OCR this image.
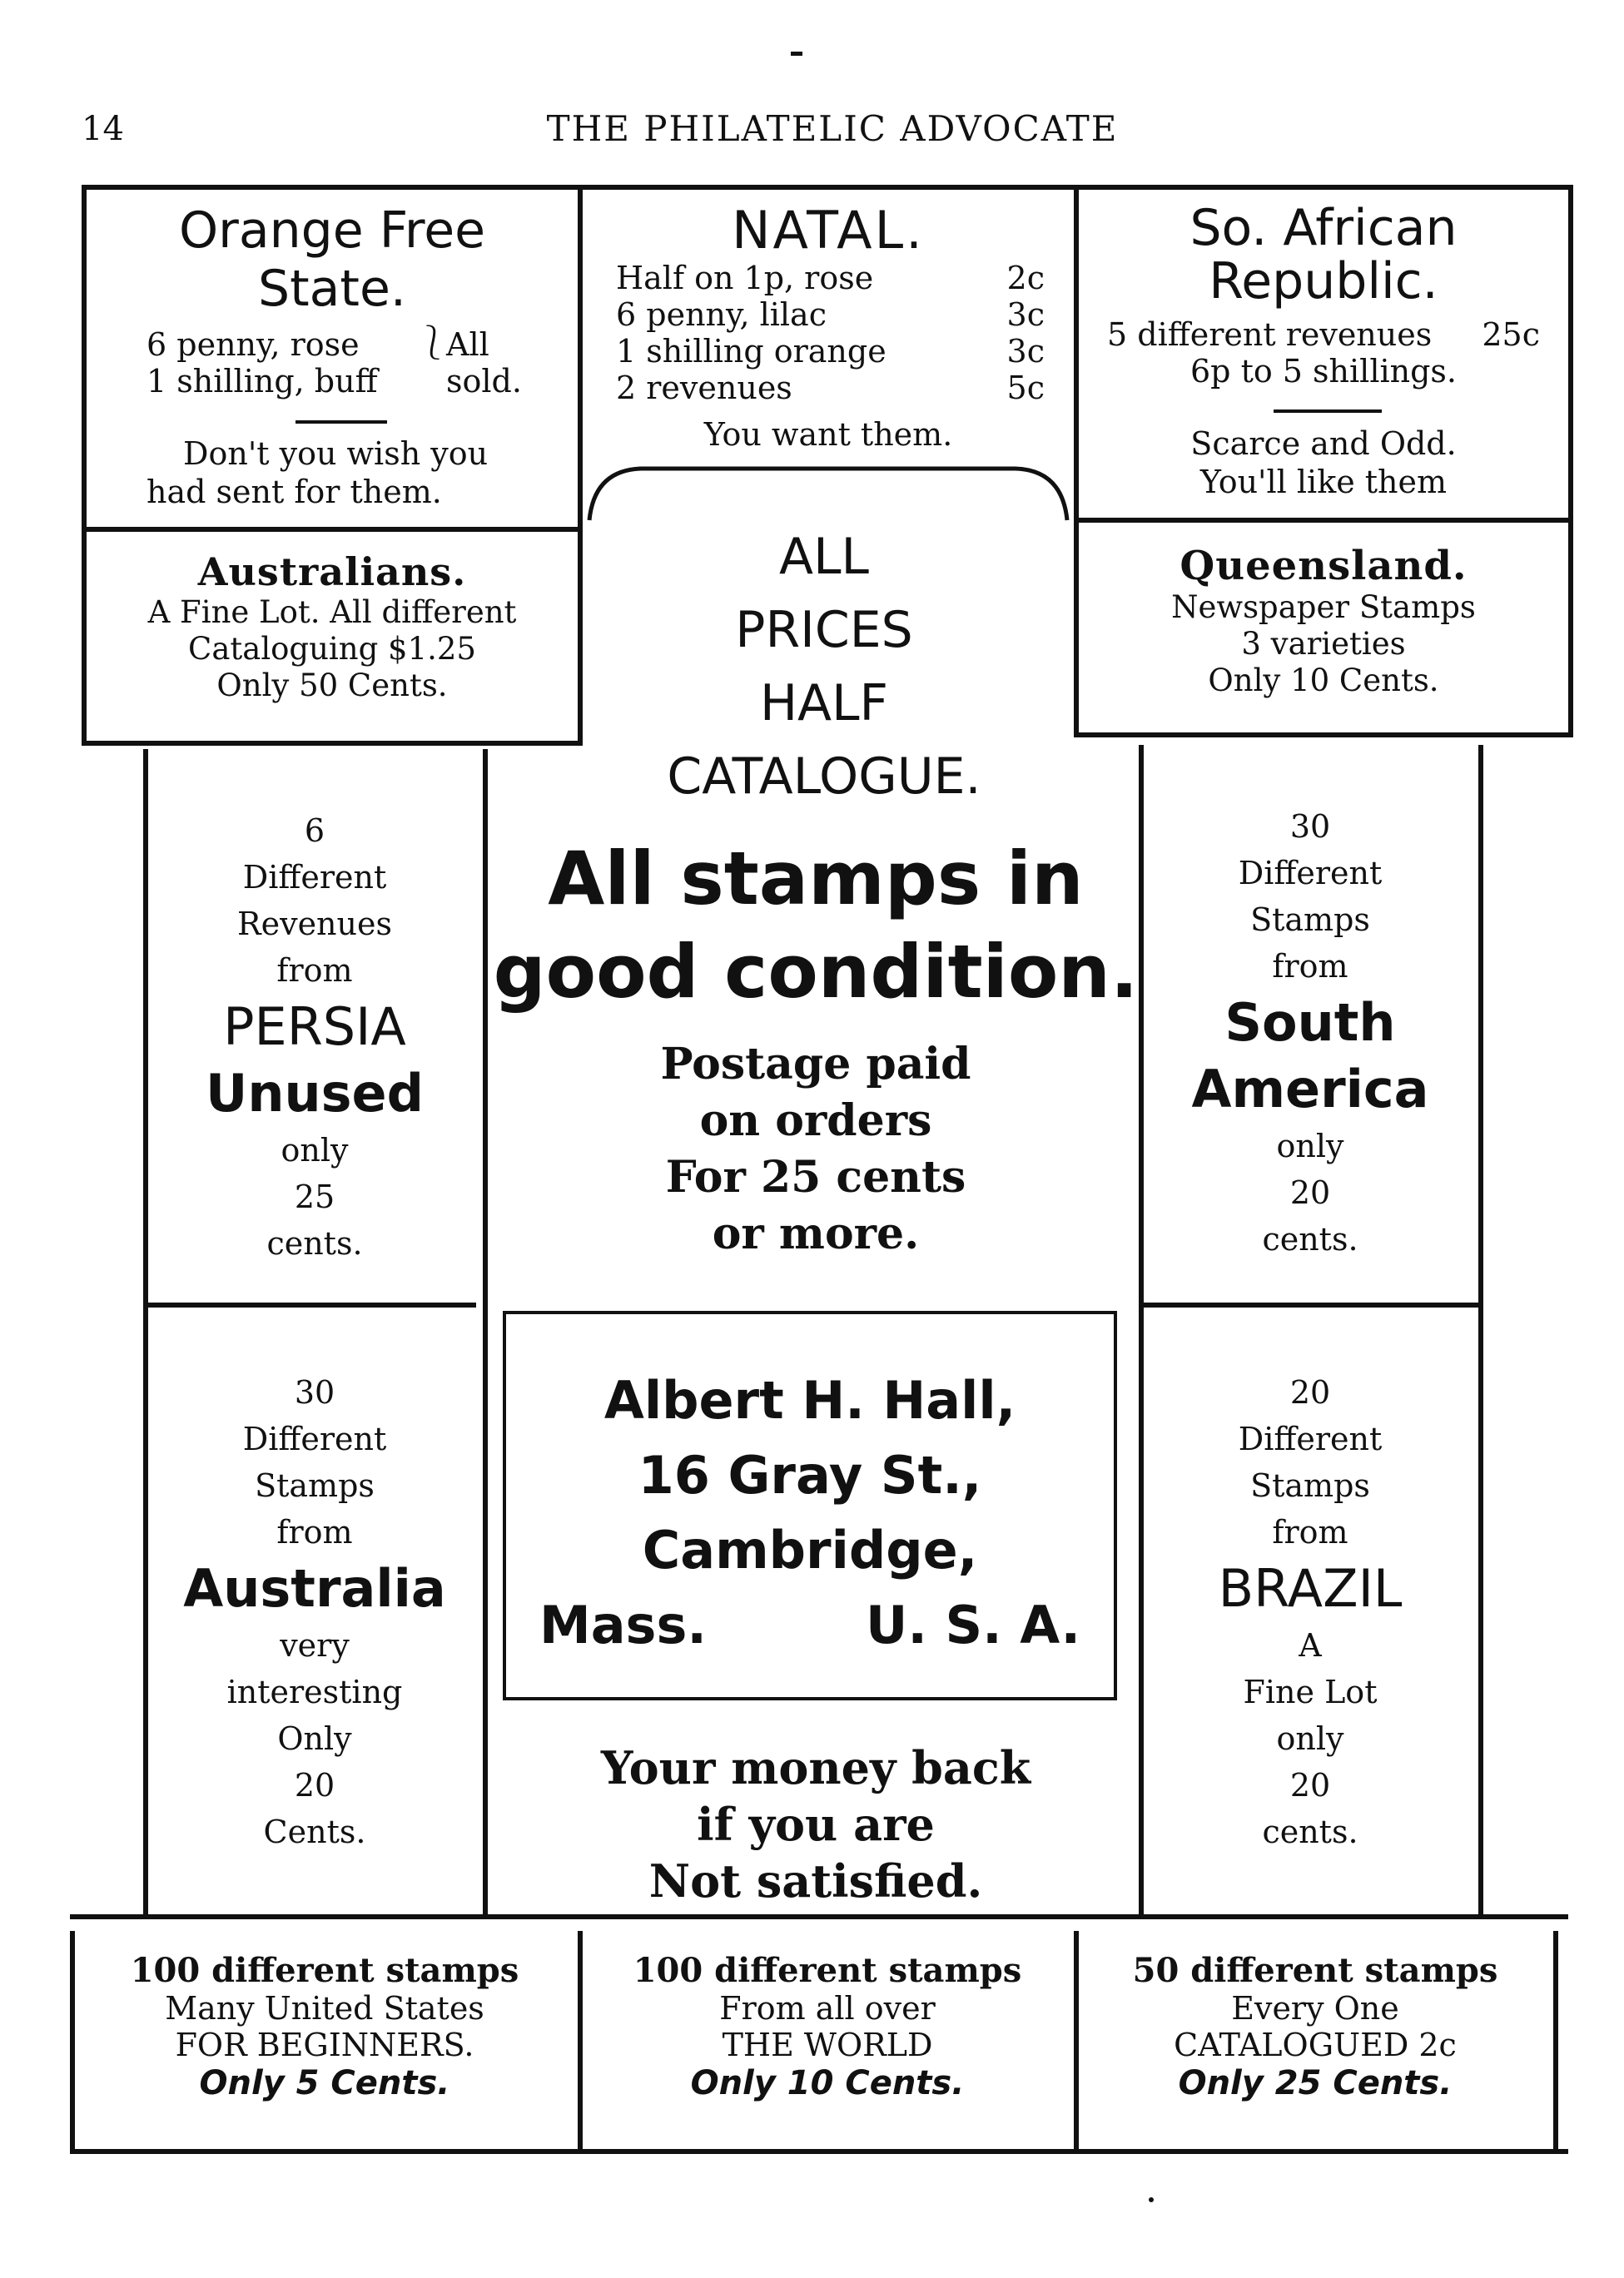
14	THE PHILATELIC ADVOCATE
Orange Free
State.
6 penny, rose
1 shilling, buff
⎱
All
sold.
Don't you wish you
had sent for them.
Australians.
A Fine Lot. All different
Cataloguing $1.25
Only 50 Cents.
NATAL.
Half on 1p, rose	2c
6 penny, lilac	3c
1 shilling orange	3c
2 revenues	5c
You want them.
So. African
Republic.
5 different revenues 25c
6p to 5 shillings.
Scarce and Odd.
You'll like them
Queensland.
Newspaper Stamps
3 varieties
Only 10 Cents.
ALL
PRICES
HALF
CATALOGUE.
All stamps in
good condition.
Postage paid
on orders
For 25 cents
or more.
Albert H. Hall,
16 Gray St.,
Cambridge,
Mass.	U. S. A.
Your money back
if you are
Not satisfied.
6
Different
Revenues
from
PERSIA
Unused
only
25
cents.
30
Different
Stamps
from
South
America
only
20
cents.
30
Different
Stamps
from
Australia
very
interesting
Only
20
Cents.
20
Different
Stamps
from
BRAZIL
A
Fine Lot
only
20
cents.
100 different stamps
Many United States
FOR BEGINNERS.
Only 5 Cents.
100 different stamps
From all over
THE WORLD
Only 10 Cents.
50 different stamps
Every One
CATALOGUED 2c
Only 25 Cents.
